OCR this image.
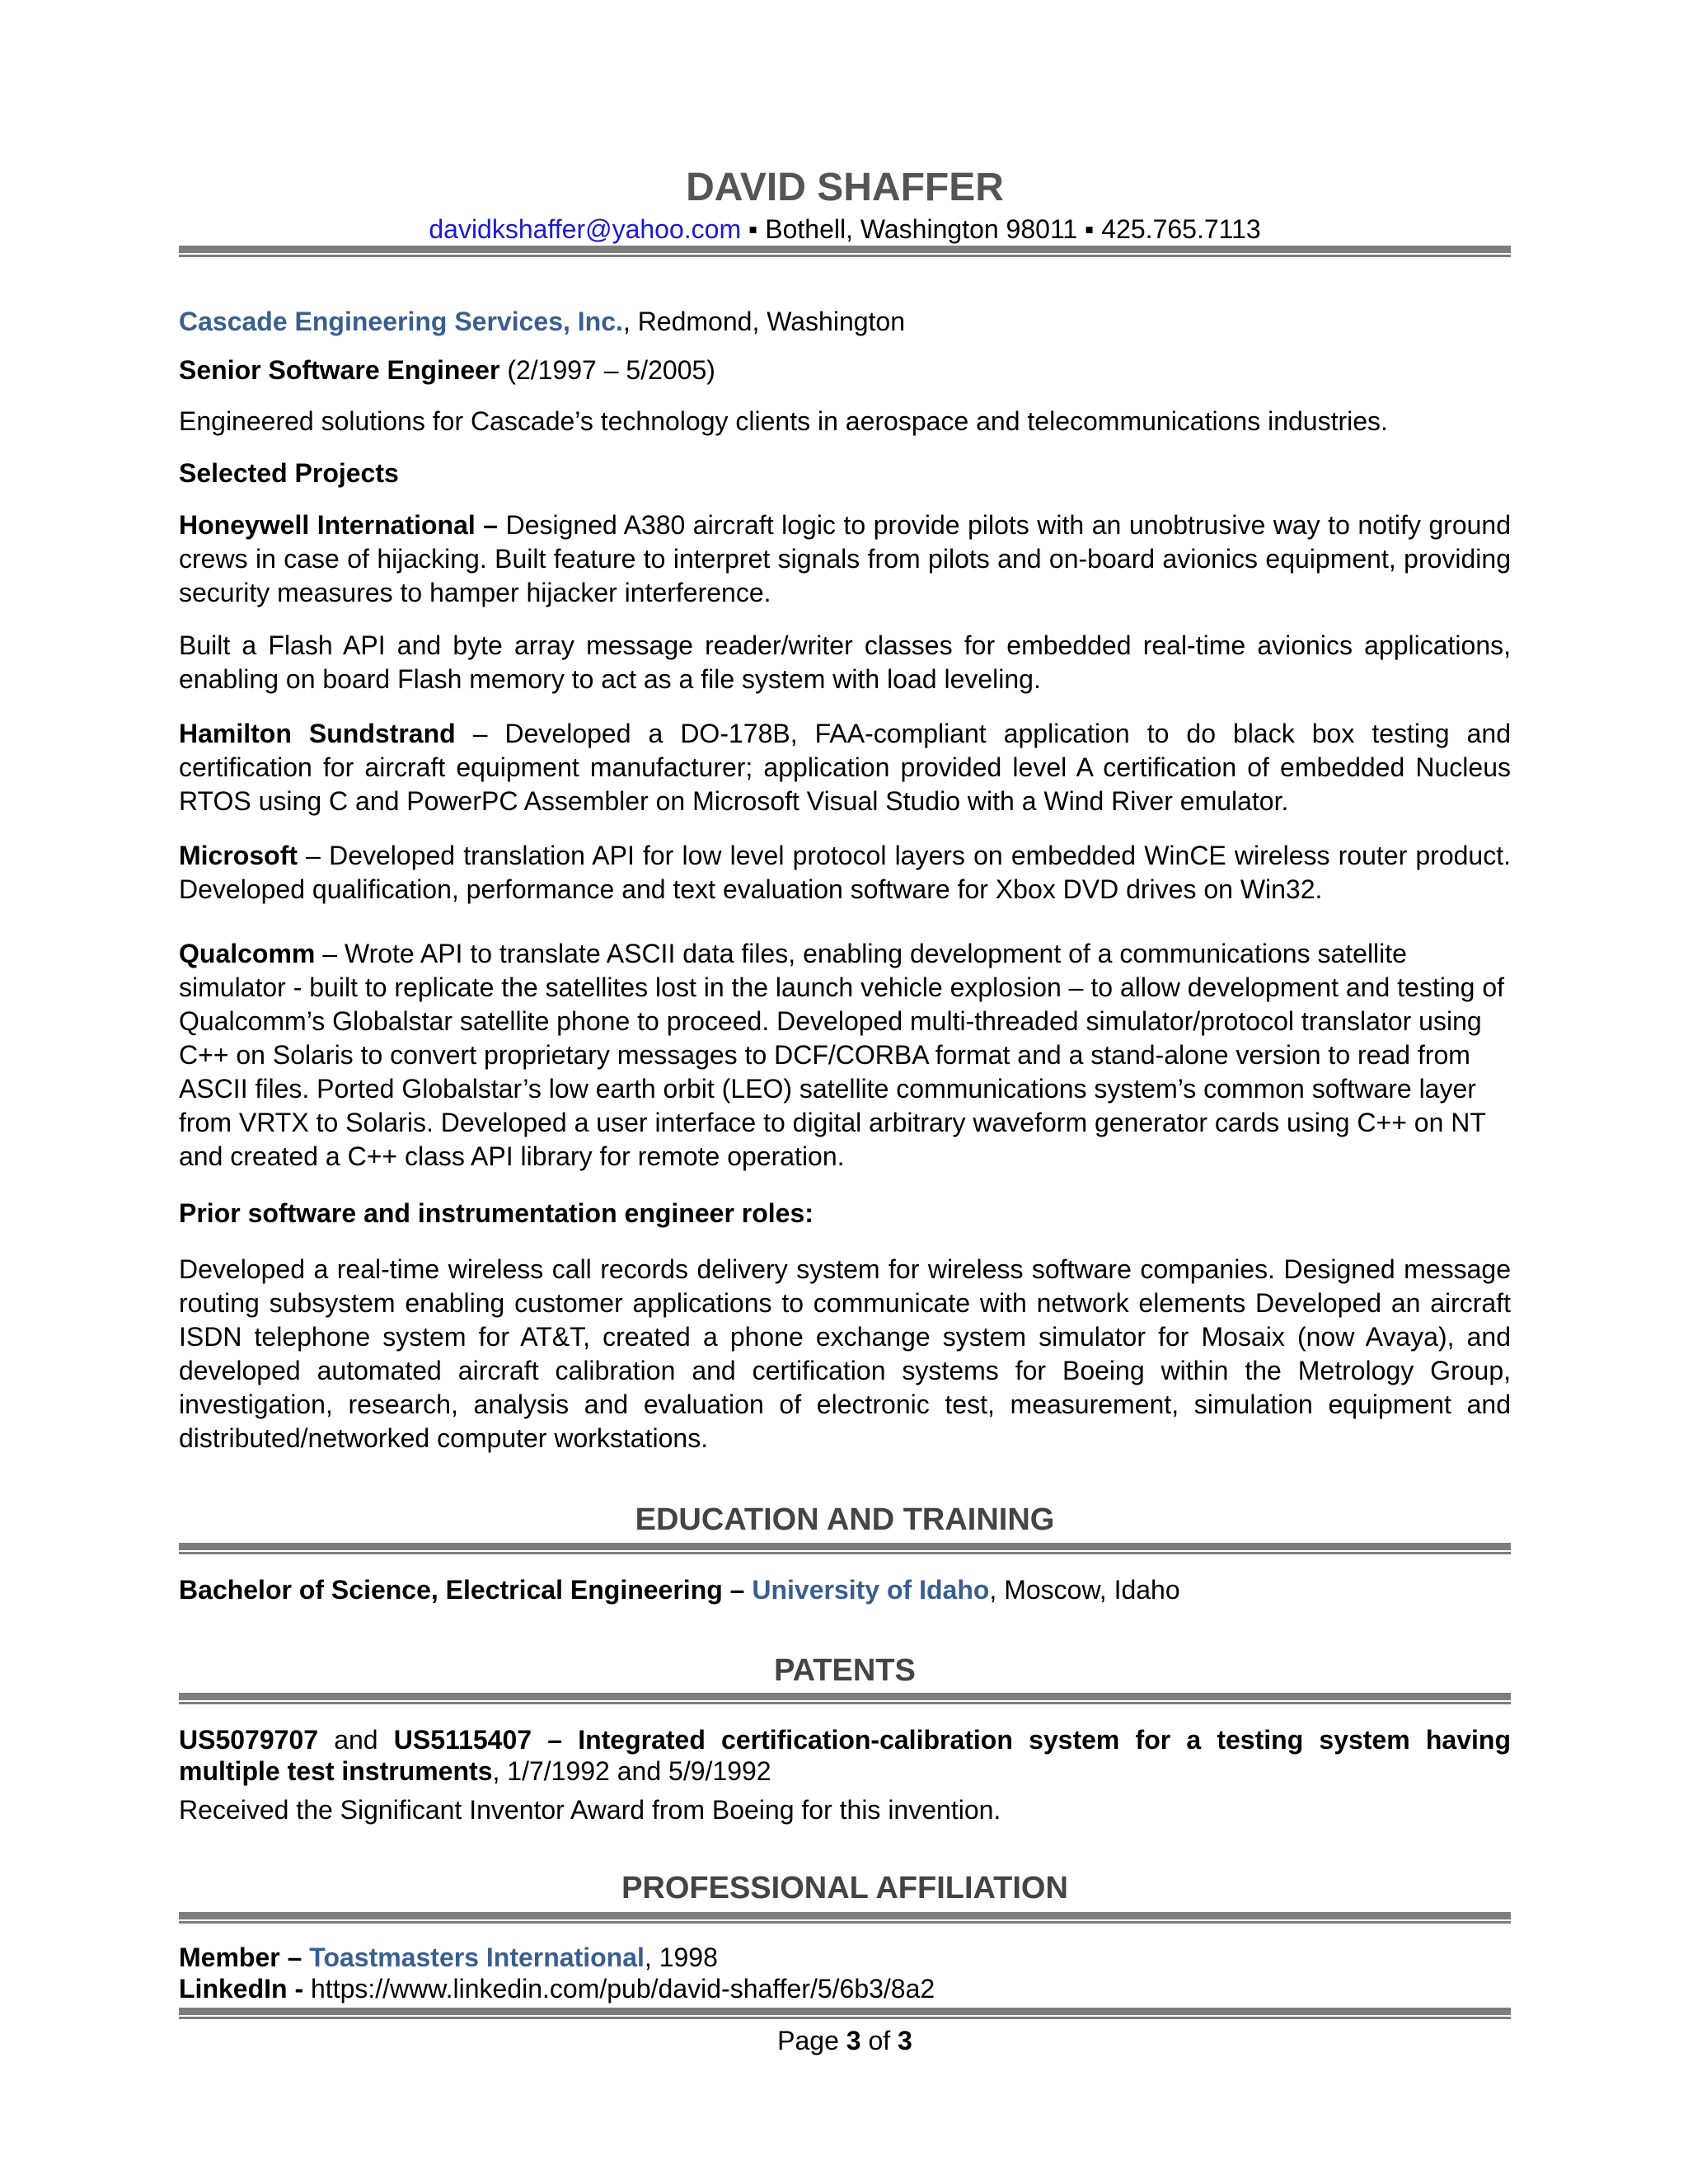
DAVID SHAFFER
davidkshaffer@yahoo.com ▪ Bothell, Washington 98011 ▪ 425.765.7113
Cascade Engineering Services, Inc., Redmond, Washington
Senior Software Engineer (2/1997 – 5/2005)
Engineered solutions for Cascade’s technology clients in aerospace and telecommunications industries.
Selected Projects
Honeywell International – Designed A380 aircraft logic to provide pilots with an unobtrusive way to notify ground crews in case of hijacking. Built feature to interpret signals from pilots and on-board avionics equipment, providing security measures to hamper hijacker interference.
Built a Flash API and byte array message reader/writer classes for embedded real-time avionics applications, enabling on board Flash memory to act as a file system with load leveling.
Hamilton Sundstrand – Developed a DO-178B, FAA-compliant application to do black box testing and certification for aircraft equipment manufacturer; application provided level A certification of embedded Nucleus RTOS using C and PowerPC Assembler on Microsoft Visual Studio with a Wind River emulator.
Microsoft – Developed translation API for low level protocol layers on embedded WinCE wireless router product. Developed qualification, performance and text evaluation software for Xbox DVD drives on Win32.
Qualcomm – Wrote API to translate ASCII data files, enabling development of a communications satellite simulator - built to replicate the satellites lost in the launch vehicle explosion – to allow development and testing of Qualcomm’s Globalstar satellite phone to proceed. Developed multi-threaded simulator/protocol translator using C++ on Solaris to convert proprietary messages to DCF/CORBA format and a stand-alone version to read from ASCII files. Ported Globalstar’s low earth orbit (LEO) satellite communications system’s common software layer from VRTX to Solaris. Developed a user interface to digital arbitrary waveform generator cards using C++ on NT and created a C++ class API library for remote operation.
Prior software and instrumentation engineer roles:
Developed a real-time wireless call records delivery system for wireless software companies. Designed message routing subsystem enabling customer applications to communicate with network elements Developed an aircraft ISDN telephone system for AT&T, created a phone exchange system simulator for Mosaix (now Avaya), and developed automated aircraft calibration and certification systems for Boeing within the Metrology Group, investigation, research, analysis and evaluation of electronic test, measurement, simulation equipment and distributed/networked computer workstations.
EDUCATION AND TRAINING
Bachelor of Science, Electrical Engineering – University of Idaho, Moscow, Idaho
PATENTS
US5079707 and US5115407 – Integrated certification-calibration system for a testing system having multiple test instruments, 1/7/1992 and 5/9/1992
Received the Significant Inventor Award from Boeing for this invention.
PROFESSIONAL AFFILIATION
Member – Toastmasters International, 1998
LinkedIn - https://www.linkedin.com/pub/david-shaffer/5/6b3/8a2
Page 3 of 3
